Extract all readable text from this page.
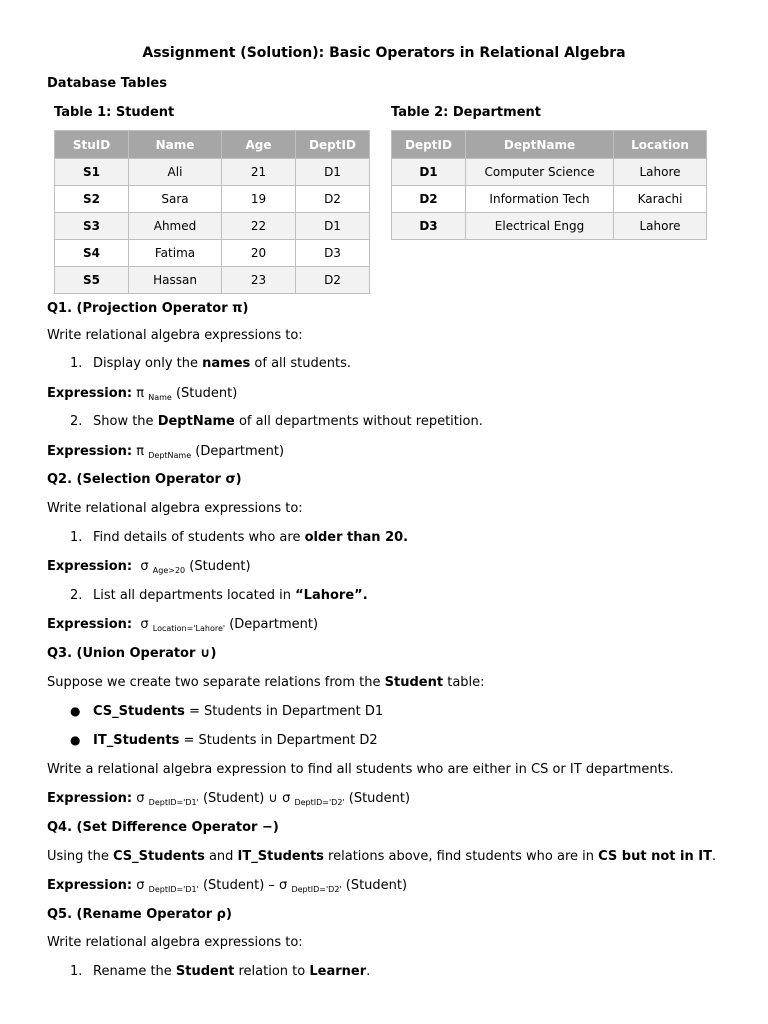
Assignment (Solution): Basic Operators in Relational Algebra
Database Tables
Table 1: Student	Table 2: Department
StuID	Name	Age	DeptID
S1	Ali	21	D1
S2	Sara	19	D2
S3	Ahmed	22	D1
S4	Fatima	20	D3
S5	Hassan	23	D2
DeptID	DeptName	Location
D1	Computer Science	Lahore
D2	Information Tech	Karachi
D3	Electrical Engg	Lahore
Q1. (Projection Operator π)
Write relational algebra expressions to:
1. Display only the names of all students.
Expression: π $_{Name}$ (Student)
2. Show the DeptName of all departments without repetition.
Expression: π $_{DeptName}$ (Department)
Q2. (Selection Operator σ)
Write relational algebra expressions to:
1. Find details of students who are older than 20.
Expression: σ $_{Age>20}$ (Student)
2. List all departments located in “Lahore”.
Expression: σ $_{Location='Lahore'}$ (Department)
Q3. (Union Operator ∪)
Suppose we create two separate relations from the Student table:
● CS_Students = Students in Department D1
● IT_Students = Students in Department D2
Write a relational algebra expression to find all students who are either in CS or IT departments.
Expression: σ $_{DeptID='D1'}$ (Student) ∪ σ $_{DeptID='D2'}$ (Student)
Q4. (Set Difference Operator −)
Using the CS_Students and IT_Students relations above, find students who are in CS but not in IT.
Expression: σ $_{DeptID='D1'}$ (Student) – σ $_{DeptID='D2'}$ (Student)
Q5. (Rename Operator ρ)
Write relational algebra expressions to:
1. Rename the Student relation to Learner.
